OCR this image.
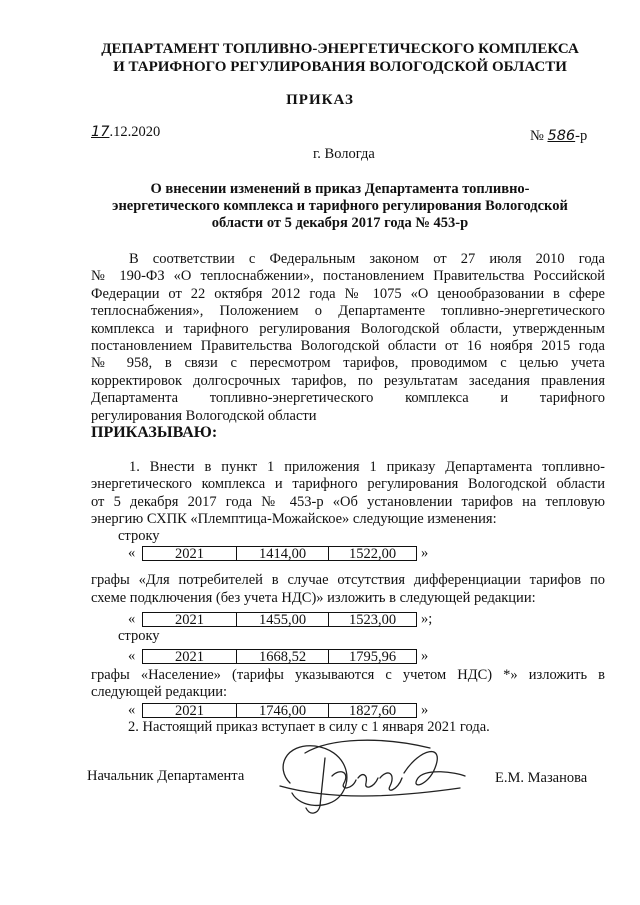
ДЕПАРТАМЕНТ ТОПЛИВНО-ЭНЕРГЕТИЧЕСКОГО КОМПЛЕКСА
И ТАРИФНОГО РЕГУЛИРОВАНИЯ ВОЛОГОДСКОЙ ОБЛАСТИ
ПРИКАЗ
17.12.2020	№ 586-р
г. Вологда
О внесении изменений в приказ Департамента топливно-
энергетического комплекса и тарифного регулирования Вологодской
области от 5 декабря 2017 года № 453-р
В соответствии с Федеральным законом от 27 июля 2010 года
№ 190-ФЗ «О теплоснабжении», постановлением Правительства Российской
Федерации от 22 октября 2012 года № 1075 «О ценообразовании в сфере
теплоснабжения», Положением о Департаменте топливно-энергетического
комплекса и тарифного регулирования Вологодской области, утвержденным
постановлением Правительства Вологодской области от 16 ноября 2015 года
№ 958, в связи с пересмотром тарифов, проводимом с целью учета
корректировок долгосрочных тарифов, по результатам заседания правления
Департамента топливно-энергетического комплекса и тарифного
регулирования Вологодской области
ПРИКАЗЫВАЮ:
1. Внести в пункт 1 приложения 1 приказу Департамента топливно-
энергетического комплекса и тарифного регулирования Вологодской области
от 5 декабря 2017 года № 453-р «Об установлении тарифов на тепловую
энергию СХПК «Племптица-Можайское» следующие изменения:
строку
«	2021	1414,00	1522,00	»
графы «Для потребителей в случае отсутствия дифференциации тарифов по
схеме подключения (без учета НДС)» изложить в следующей редакции:
«	2021	1455,00	1523,00	»;
строку
«	2021	1668,52	1795,96	»
графы «Население» (тарифы указываются с учетом НДС) *» изложить в
следующей редакции:
«	2021	1746,00	1827,60	»
2. Настоящий приказ вступает в силу с 1 января 2021 года.
Начальник Департамента	Е.М. Мазанова
